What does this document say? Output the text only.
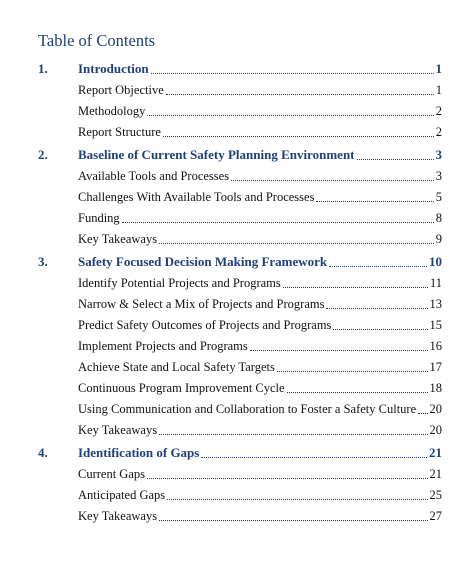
Table of Contents
1.	Introduction	1
Report Objective	1
Methodology	2
Report Structure	2
2.	Baseline of Current Safety Planning Environment	3
Available Tools and Processes	3
Challenges With Available Tools and Processes	5
Funding	8
Key Takeaways	9
3.	Safety Focused Decision Making Framework	10
Identify Potential Projects and Programs	11
Narrow & Select a Mix of Projects and Programs	13
Predict Safety Outcomes of Projects and Programs	15
Implement Projects and Programs	16
Achieve State and Local Safety Targets	17
Continuous Program Improvement Cycle	18
Using Communication and Collaboration to Foster a Safety Culture 20
Key Takeaways	20
4.	Identification of Gaps	21
Current Gaps	21
Anticipated Gaps	25
Key Takeaways	27
